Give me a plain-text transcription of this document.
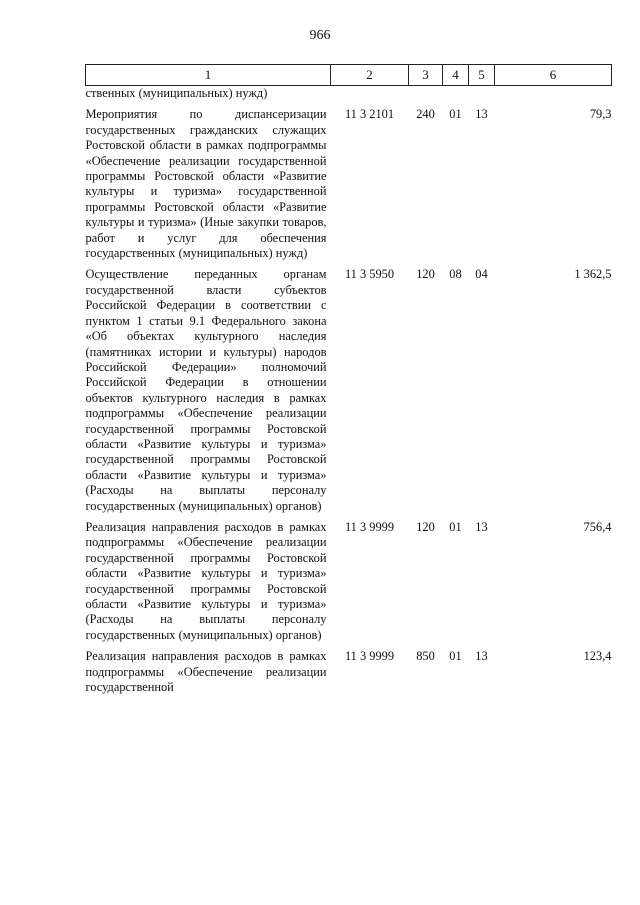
966
1	2	3	4	5	6
ственных (муниципальных) нужд)					

Мероприятия по диспансеризации государственных гражданских служащих Ростовской области в рамках подпрограммы «Обеспечение реализации государственной программы Ростовской области «Развитие культуры и туризма» государственной программы Ростовской области «Развитие культуры и туризма» (Иные закупки товаров, работ и услуг для обеспечения государственных (муниципальных) нужд)	11 3 2101	240	01	13	79,3

Осуществление переданных органам государственной власти субъектов Российской Федерации в соответствии с пунктом 1 статьи 9.1 Федерального закона «Об объектах культурного наследия (памятниках истории и культуры) народов Российской Федерации» полномочий Российской Федерации в отношении объектов культурного наследия в рамках подпрограммы «Обеспечение реализации государственной программы Ростовской области «Развитие культуры и туризма» государственной программы Ростовской области «Развитие культуры и туризма» (Расходы на выплаты персоналу государственных (муниципальных) органов)	11 3 5950	120	08	04	1 362,5

Реализация направления расходов в рамках подпрограммы «Обеспечение реализации государственной программы Ростовской области «Развитие культуры и туризма» государственной программы Ростовской области «Развитие культуры и туризма» (Расходы на выплаты персоналу государственных (муниципальных) органов)	11 3 9999	120	01	13	756,4

Реализация направления расходов в рамках подпрограммы «Обеспечение реализации государственной	11 3 9999	850	01	13	123,4
